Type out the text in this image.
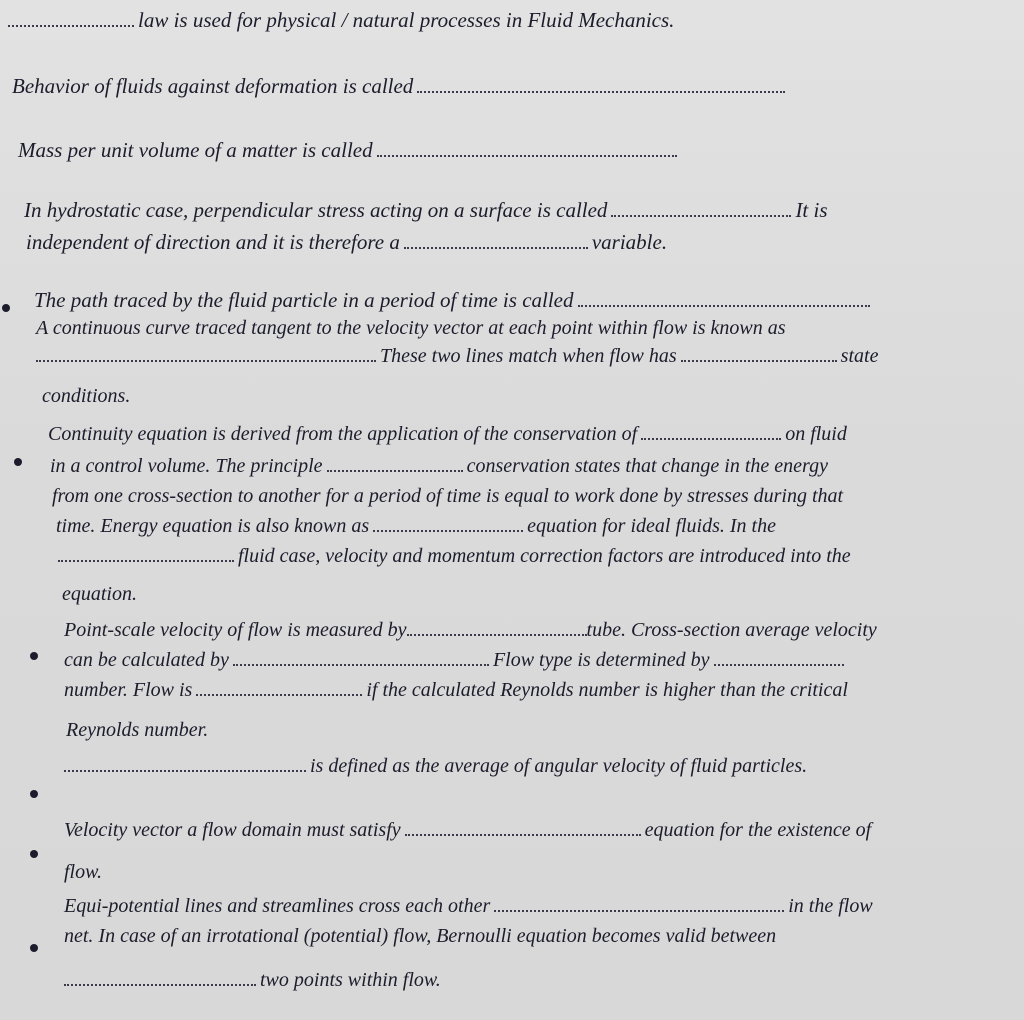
law is used for physical / natural processes in Fluid Mechanics.
Behavior of fluids against deformation is called
Mass per unit volume of a matter is called
In hydrostatic case, perpendicular stress acting on a surface is called	It is
independent of direction and it is therefore a	variable.
The path traced by the fluid particle in a period of time is called
A continuous curve traced tangent to the velocity vector at each point within flow is known as
These two lines match when flow has	state
conditions.
Continuity equation is derived from the application of the conservation of	on fluid
in a control volume. The principle	conservation states that change in the energy
from one cross-section to another for a period of time is equal to work done by stresses during that
time. Energy equation is also known as	equation for ideal fluids. In the
fluid case, velocity and momentum correction factors are introduced into the
equation.
Point-scale velocity of flow is measured by	tube. Cross-section average velocity
can be calculated by	Flow type is determined by
number. Flow is	if the calculated Reynolds number is higher than the critical
Reynolds number.
is defined as the average of angular velocity of fluid particles.
Velocity vector a flow domain must satisfy	equation for the existence of
flow.
Equi-potential lines and streamlines cross each other	in the flow
net. In case of an irrotational (potential) flow, Bernoulli equation becomes valid between
two points within flow.
